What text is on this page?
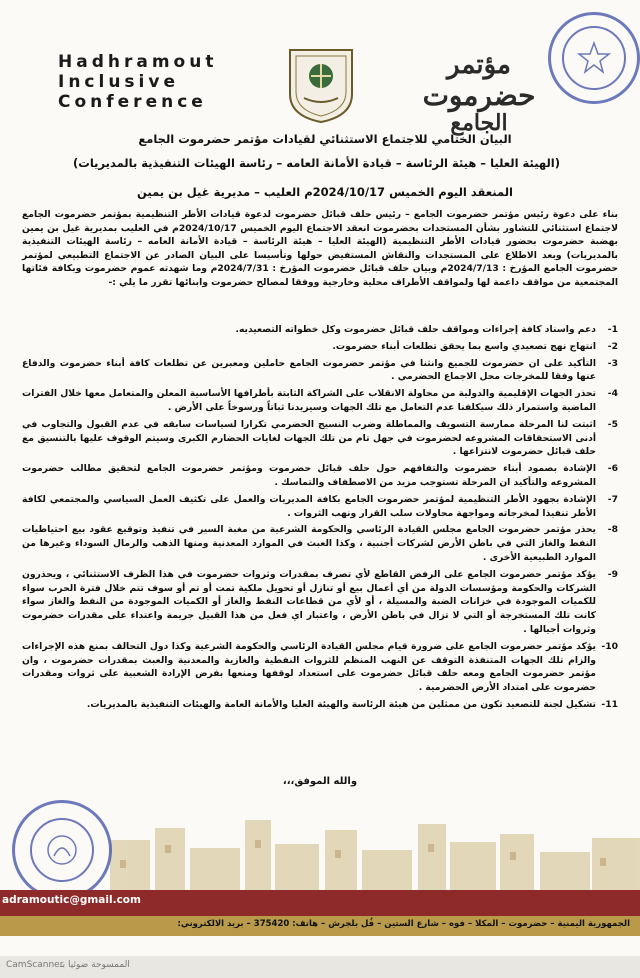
Hadhramout
Inclusive
Conference
مؤتمر
حضرموت
الجامع
البيان الختامي للاجتماع الاستثنائي لقيادات مؤتمر حضرموت الجامع
(الهيئة العليا – هيئة الرئاسة – قيادة الأمانة العامه – رئاسة الهيئات التنفيذية بالمديريات)
المنعقد اليوم الخميس 2024/10/17م العليب – مديرية غيل بن يمين
بناء على دعوة رئيس مؤتمر حضرموت الجامع – رئيس حلف قبائل حضرموت لدعوة قيادات الأطر التنظيمية بمؤتمر حضرموت الجامع لاجتماع استثنائي للتشاور بشأن المستجدات بحضرموت انعقد الاجتماع اليوم الخميس 2024/10/17م في العليب بمديرية غيل بن يمين بهضبة حضرموت بحضور قيادات الأطر التنظيمية (الهيئة العليا – هيئة الرئاسة – قيادة الأمانة العامه – رئاسة الهيئات التنفيذية بالمديريات) وبعد الاطلاع على المستجدات والنقاش المستفيض حولها وتأسيسا على البيان الصادر عن الاجتماع التطبيعي لمؤتمر حضرموت الجامع المؤرخ : 2024/7/13م وبيان حلف قبائل حضرموت المؤرخ : 2024/7/31م وما شهدته عموم حضرموت وبكافة فئاتها المجتمعية من مواقف داعمة لها ولمواقف الأطراف محلية وخارجية ووفقا لمصالح حضرموت وابنائها تقرر ما يلي :-
1-
دعم واسناد كافة إجراءات ومواقف حلف قبائل حضرموت وكل خطواته التصعيديه.
2-
انتهاج نهج تصعيدي واسع بما يحقق تطلعات أبناء حضرموت.
3-
التأكيد على ان حضرموت للجميع وانثنا في مؤتمر حضرموت الجامع حاملين ومعبرين عن تطلعات كافة أبناء حضرموت والدفاع عنها وفقا للمخرجات محل الاجماع الحضرمي .
4-
تحذر الجهات الإقليمية والدولية من محاولة الانقلاب على الشراكة الثابتة بأطرافها الأساسية المعلن والمتعامل معها خلال الفترات الماضية واستمرار ذلك سيكلفنا عدم التعامل مع تلك الجهات وسيزيدنا ثباتاً ورسوخاً على الأرض .
5-
اثبتت لنا المرحلة ممارسة التسويف والمماطلة وضرب النسيج الحضرمي تكرارا لسياسات سابقه في عدم القبول والتجاوب في أدنى الاستحقاقات المشروعه لحضرموت في جهل تام من تلك الجهات لغايات الحضارم الكبرى وسيتم الوقوف عليها بالتنسيق مع حلف قبائل حضرموت لانتزاعها .
6-
الإشادة بصمود أبناء حضرموت والتفافهم حول حلف قبائل حضرموت ومؤتمر حضرموت الجامع لتحقيق مطالب حضرموت المشروعه والتأكيد ان المرحلة تستوجب مزيد من الاصطفاف والتماسك .
7-
الإشادة بجهود الأطر التنظيمية لمؤتمر حضرموت الجامع بكافة المديريات والعمل على تكثيف العمل السياسي والمجتمعي لكافة الأطر تنفيذا لمخرجاته ومواجهة محاولات سلب القرار ونهب الثروات .
8-
يحذر مؤتمر حضرموت الجامع مجلس القيادة الرئاسي والحكومة الشرعية من مغبة السير في تنفيذ وتوقيع عقود بيع احتياطيات النفط والغاز التي في باطن الأرض لشركات أجنبية ، وكذا العبث في الموارد المعدنية ومنها الذهب والرمال السوداء وغيرها من الموارد الطبيعية الأخرى .
9-
يؤكد مؤتمر حضرموت الجامع على الرفض القاطع لأي تصرف بمقدرات وثروات حضرموت في هذا الظرف الاستثنائي ، ويحذرون الشركات والحكومة ومؤسسات الدولة من أي أعمال بيع أو تنازل أو تحويل ملكية تمت أو تم أو سوف تتم خلال فترة الحرب سواء للكميات الموجودة في خزانات الضبة والمسيلة ، أو لأي من قطاعات النفط والغاز أو الكميات الموجودة من النفط والغاز سواء كانت تلك المستخرجة أو التي لا تزال في باطن الأرض ، واعتبار اي فعل من هذا القبيل جريمة واعتداء على مقدرات حضرموت وثروات أجيالها .
10-
يؤكد مؤتمر حضرموت الجامع على ضرورة قيام مجلس القيادة الرئاسي والحكومة الشرعية وكذا دول التحالف بمنع هذه الإجراءات والزام تلك الجهات المتنفذة التوقف عن النهب المنظم للثروات النفطية والغازية والمعدنية والعبث بمقدرات حضرموت ، وان مؤتمر حضرموت الجامع ومعه حلف قبائل حضرموت على استعداد لوقفها ومنعها بفرض الإرادة الشعبية على ثروات ومقدرات حضرموت على امتداد الأرض الحضرمية .
11-
تشكيل لجنة للتصعيد تكون من ممثلين من هيئة الرئاسة والهيئة العليا والأمانة العامة والهيئات التنفيذية بالمديريات.
والله الموفق،،،
adramoutic@gmail.com
الجمهورية اليمنية – حضرموت – المكلا – فوه – شارع الستين – فُل بلجرش – هاتف: 375420 – بريد الالكتروني:
CamScanner
الممسوحة ضوئيا بـ
